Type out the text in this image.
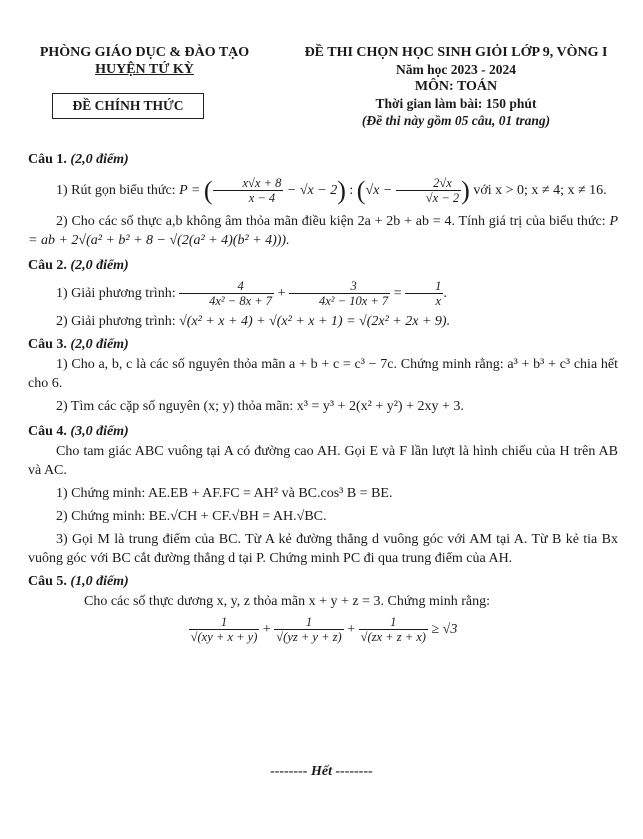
PHÒNG GIÁO DỤC & ĐÀO TẠO
HUYỆN TỨ KỲ
ĐỀ CHÍNH THỨC
ĐỀ THI CHỌN HỌC SINH GIỎI LỚP 9, VÒNG I
Năm học 2023 - 2024
MÔN: TOÁN
Thời gian làm bài: 150 phút
(Đề thi này gồm 05 câu, 01 trang)

Câu 1. (2,0 điểm)

1) Rút gọn biểu thức: P = ( $\frac{x√x + 8}{x - 4} - √x - 2$) : ($√x - \frac{2√x}{√x - 2}$ ) với x > 0; x ≠ 4; x ≠ 16.

2) Cho các số thực a,b không âm thỏa mãn điều kiện 2a + 2b + ab = 4. Tính giá trị của biểu thức: P = ab + 2√(a² + b² + 8 − √(2(a² + 4)(b² + 4))).

Câu 2. (2,0 điểm)

1) Giải phương trình: $\frac{4}{\text{4x² − 8x + 7}} + \frac{3}{\text{4x² − 10x + 7}} = \frac{1}{x}$ .

2) Giải phương trình: √(x² + x + 4) + √(x² + x + 1) = √(2x² + 2x + 9).

Câu 3. (2,0 điểm)

1) Cho a, b, c là các số nguyên thỏa mãn a + b + c = c³ − 7c. Chứng minh rằng: a³ + b³ + c³ chia hết cho 6.

2) Tìm các cặp số nguyên (x; y) thỏa mãn: x³ = y³ + 2(x² + y²) + 2xy + 3.

Câu 4. (3,0 điểm)

Cho tam giác ABC vuông tại A có đường cao AH. Gọi E và F lần lượt là hình chiếu của H trên AB và AC.

1) Chứng minh: AE.EB + AF.FC = AH² và BC.cos³ B = BE.

2) Chứng minh: BE.√CH + CF.√BH = AH.√BC.

3) Gọi M là trung điểm của BC. Từ A kẻ đường thẳng d vuông góc với AM tại A. Từ B kẻ tia Bx vuông góc với BC cắt đường thẳng d tại P. Chứng minh PC đi qua trung điểm của AH.

Câu 5. (1,0 điểm)

Cho các số thực dương x, y, z thỏa mãn x + y + z = 3. Chứng minh rằng:

$\frac{1}{√(xy + x + y)} + \frac{1}{√(yz + y + z)} + \frac{1}{√(zx + z + x)} \ge √3$

-------- Hết --------
